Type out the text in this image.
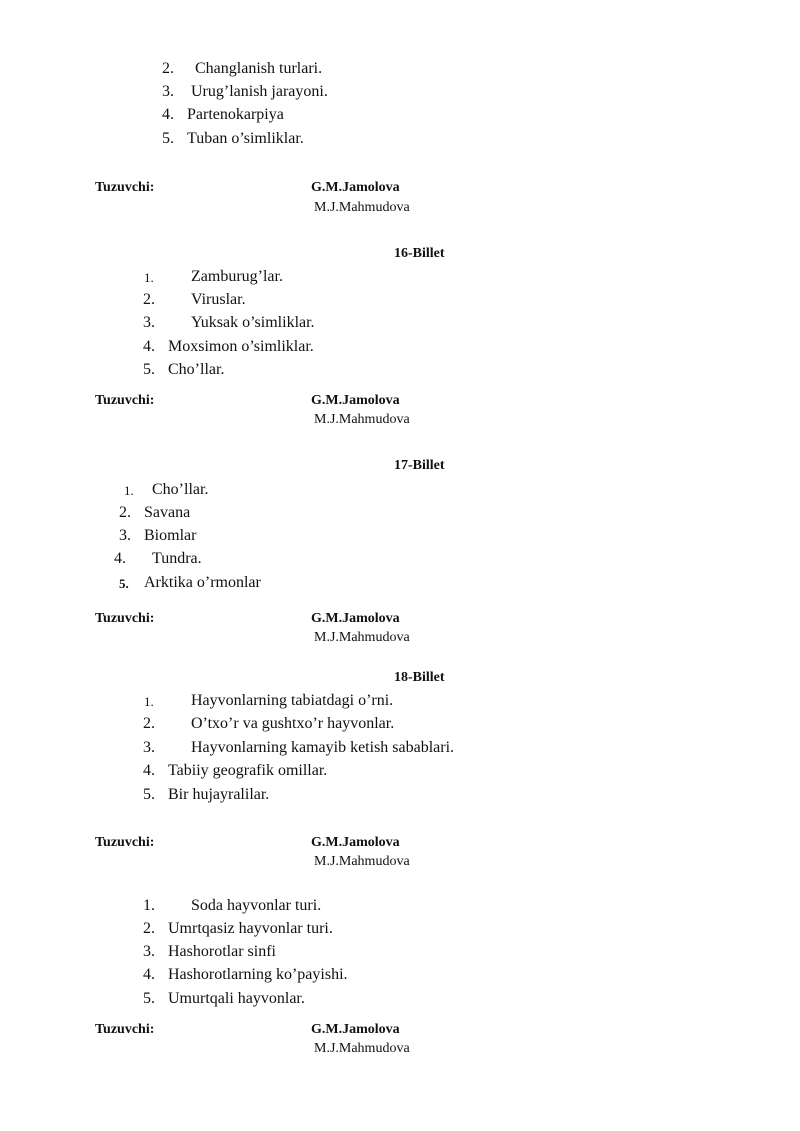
2. Changlanish turlari.
3. Urug’lanish jarayoni.
4. Partenokarpiya
5. Tuban o’simliklar.
Tuzuvchi:	G.M.Jamolova
M.J.Mahmudova
16-Billet
1. Zamburug’lar.
2. Viruslar.
3. Yuksak o’simliklar.
4. Moxsimon o’simliklar.
5. Cho’llar.
Tuzuvchi:	G.M.Jamolova
M.J.Mahmudova
17-Billet
1. Cho’llar.
2. Savana
3. Biomlar
4. Tundra.
5. Arktika o’rmonlar
Tuzuvchi:	G.M.Jamolova
M.J.Mahmudova
18-Billet
1. Hayvonlarning tabiatdagi o’rni.
2. O’txo’r va gushtxo’r hayvonlar.
3. Hayvonlarning kamayib ketish sabablari.
4. Tabiiy geografik omillar.
5. Bir hujayralilar.
Tuzuvchi:	G.M.Jamolova
M.J.Mahmudova
1. Soda hayvonlar turi.
2. Umrtqasiz hayvonlar turi.
3. Hashorotlar sinfi
4. Hashorotlarning ko’payishi.
5. Umurtqali hayvonlar.
Tuzuvchi:	G.M.Jamolova
M.J.Mahmudova
